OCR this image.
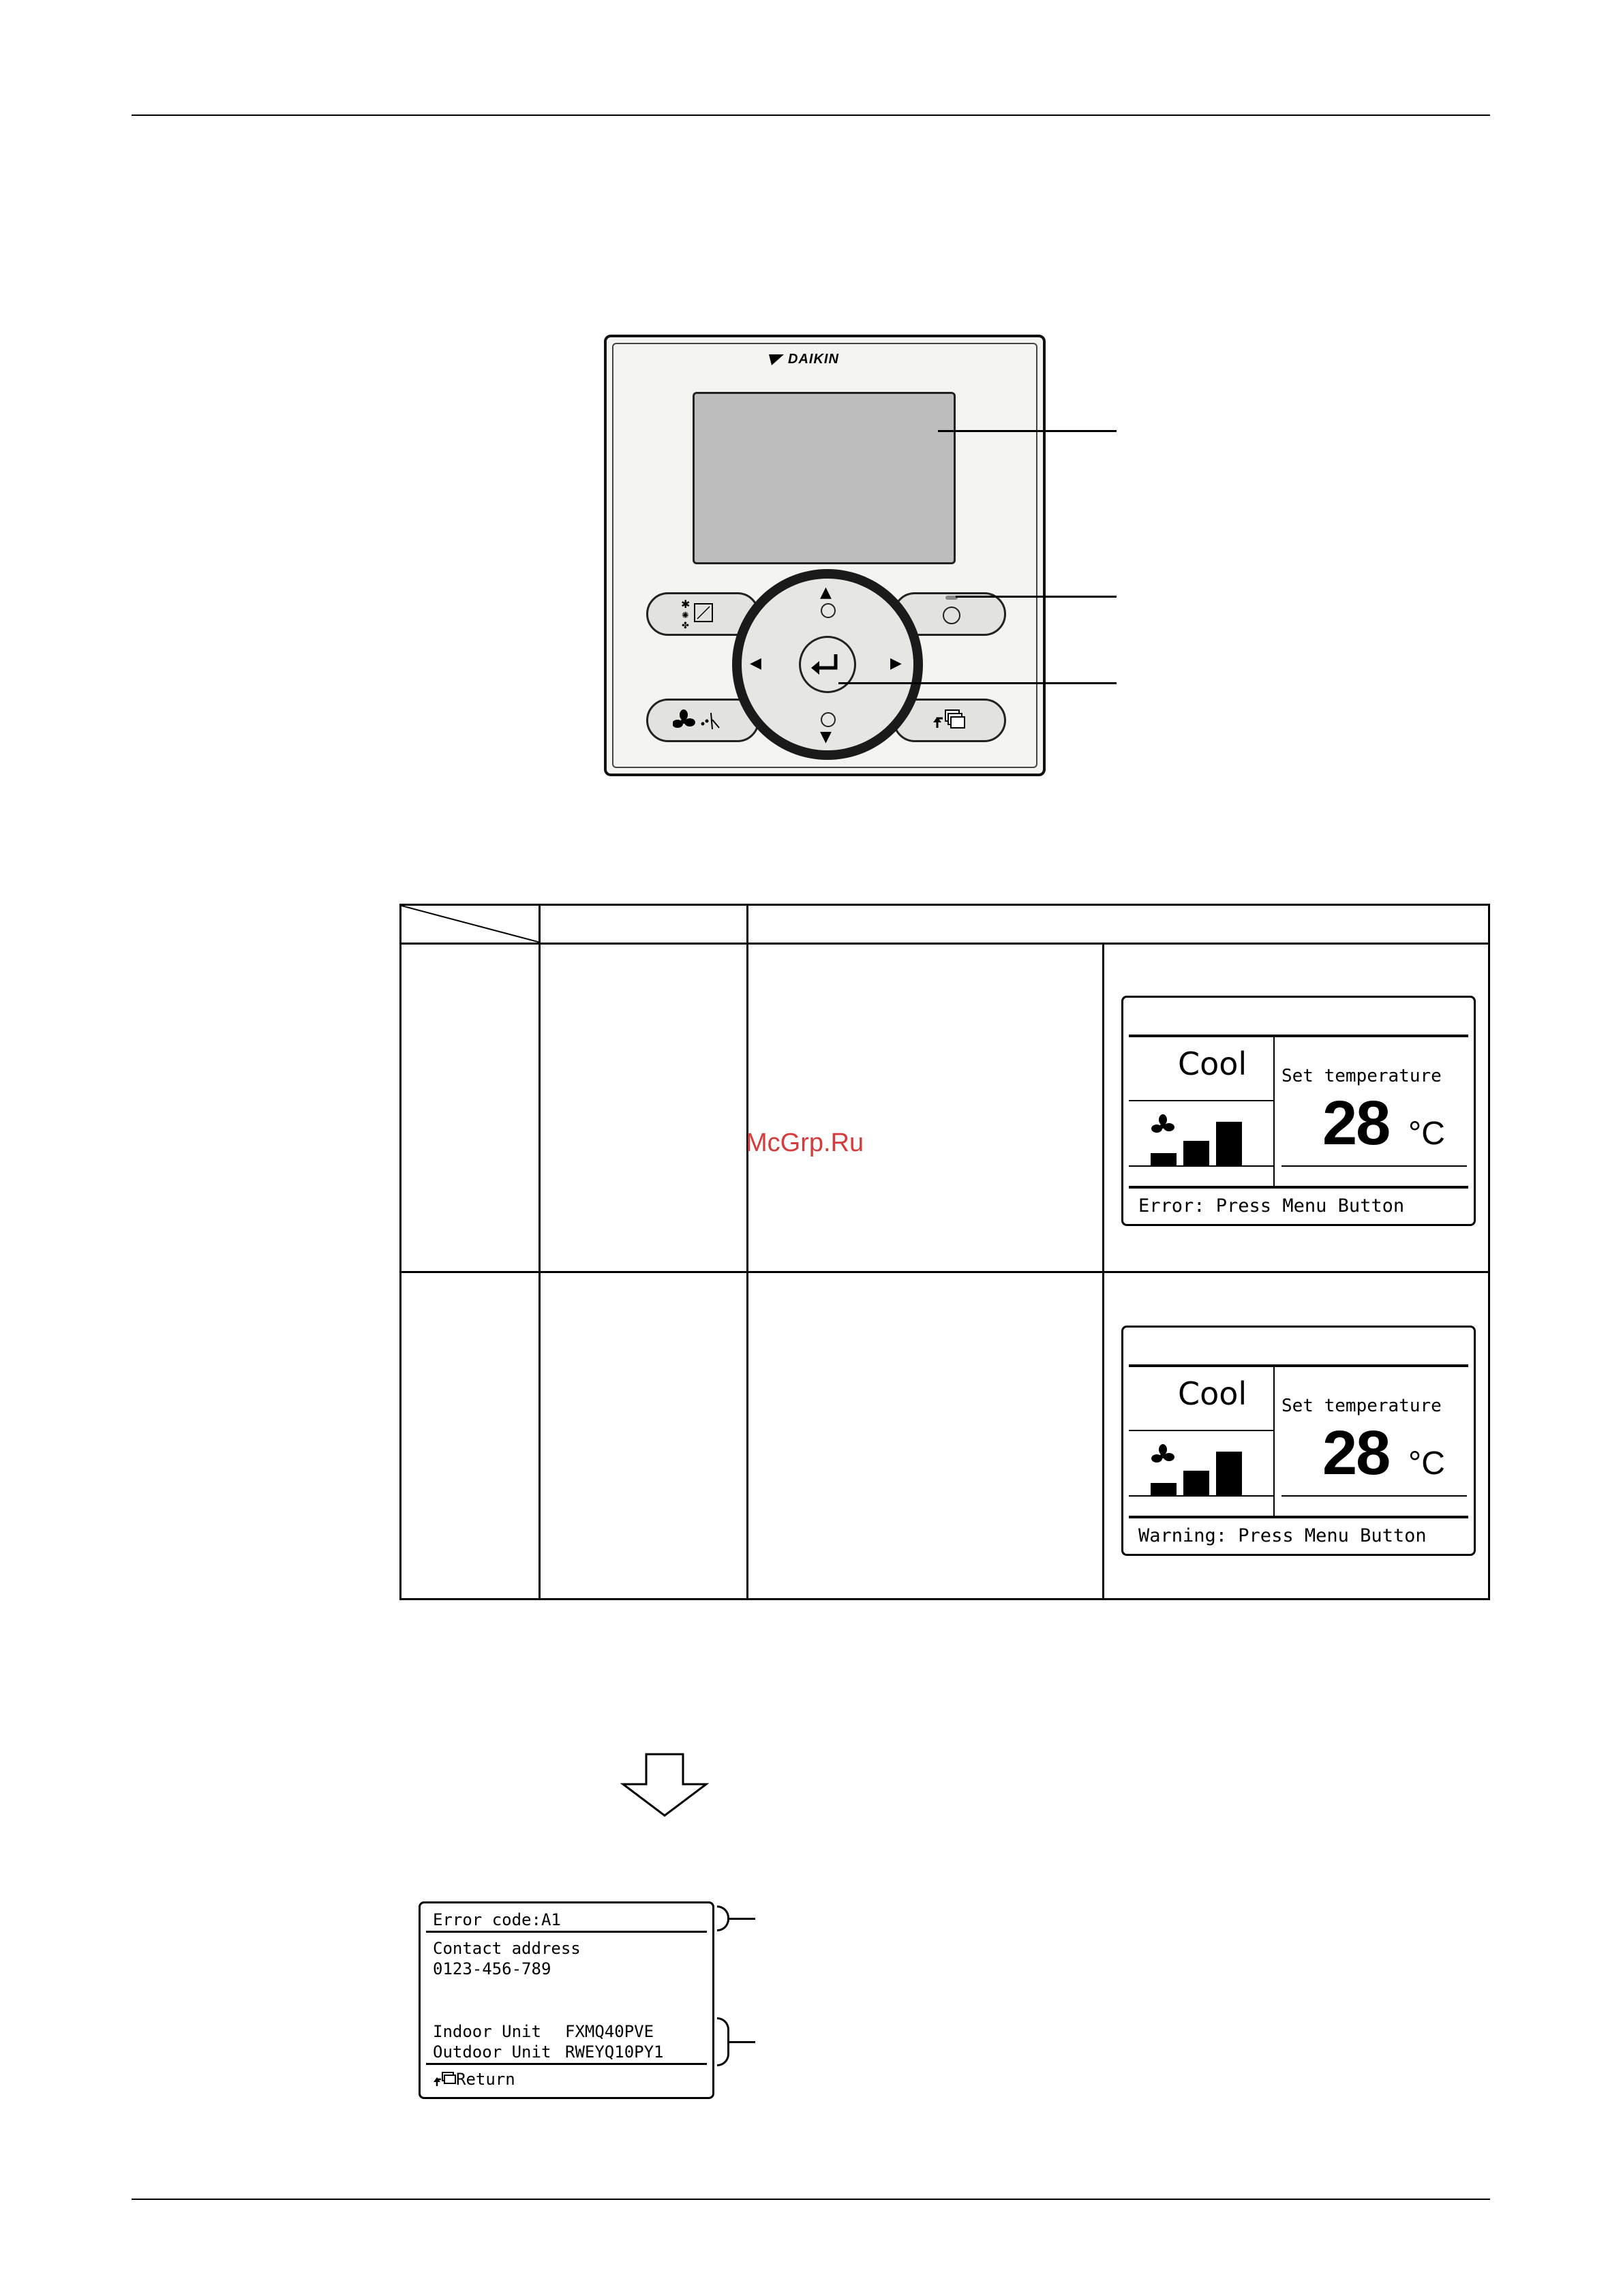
DAIKIN
✱
✺
✤
▲
▼
◀	▶
Cool Set temperature
28 °C
Error: Press Menu Button
Cool Set temperature
28 °C
Warning: Press Menu Button
McGrp.Ru
Error code:A1
Contact address
0123-456-789
Indoor Unit FXMQ40PVE
Outdoor Unit RWEYQ10PY1
Return
